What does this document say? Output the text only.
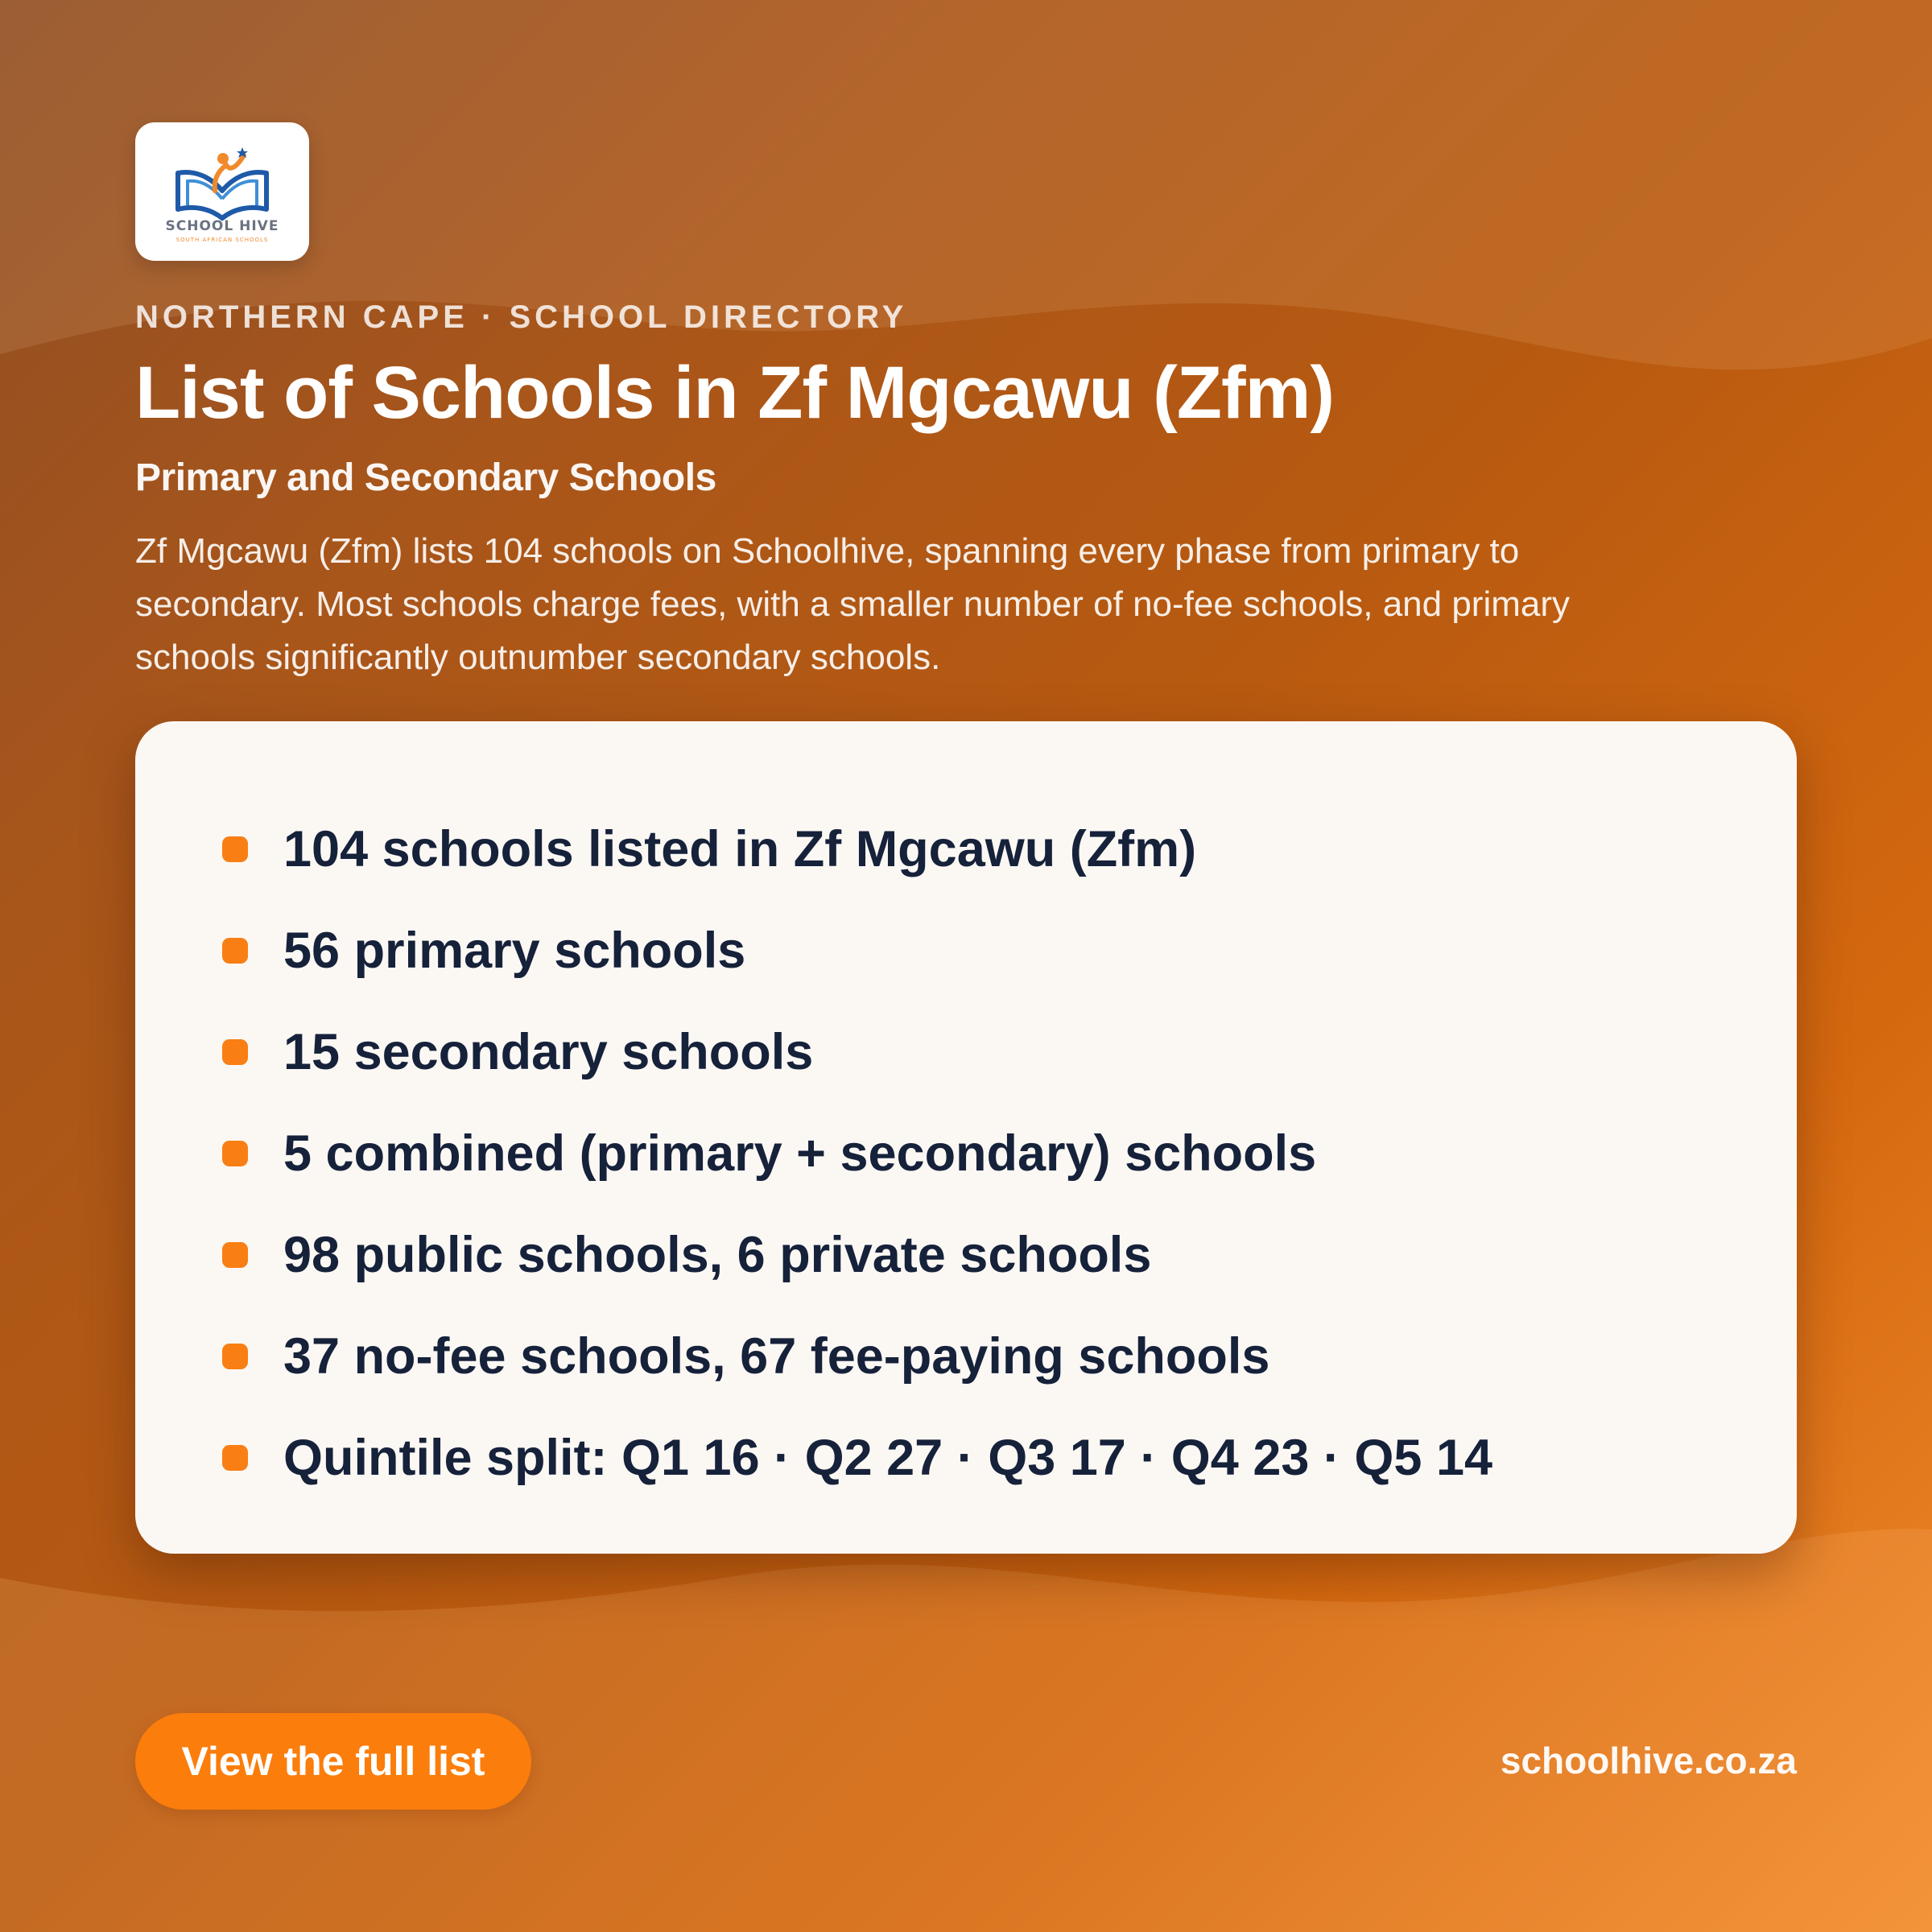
SCHOOL HIVE
SOUTH AFRICAN SCHOOLS
NORTHERN CAPE · SCHOOL DIRECTORY
List of Schools in Zf Mgcawu (Zfm)
Primary and Secondary Schools

Zf Mgcawu (Zfm) lists 104 schools on Schoolhive, spanning every phase from primary to secondary. Most schools charge fees, with a smaller number of no-fee schools, and primary schools significantly outnumber secondary schools.

104 schools listed in Zf Mgcawu (Zfm)
56 primary schools
15 secondary schools
5 combined (primary + secondary) schools
98 public schools, 6 private schools
37 no-fee schools, 67 fee-paying schools
Quintile split: Q1 16 · Q2 27 · Q3 17 · Q4 23 · Q5 14
View the full list	schoolhive.co.za
